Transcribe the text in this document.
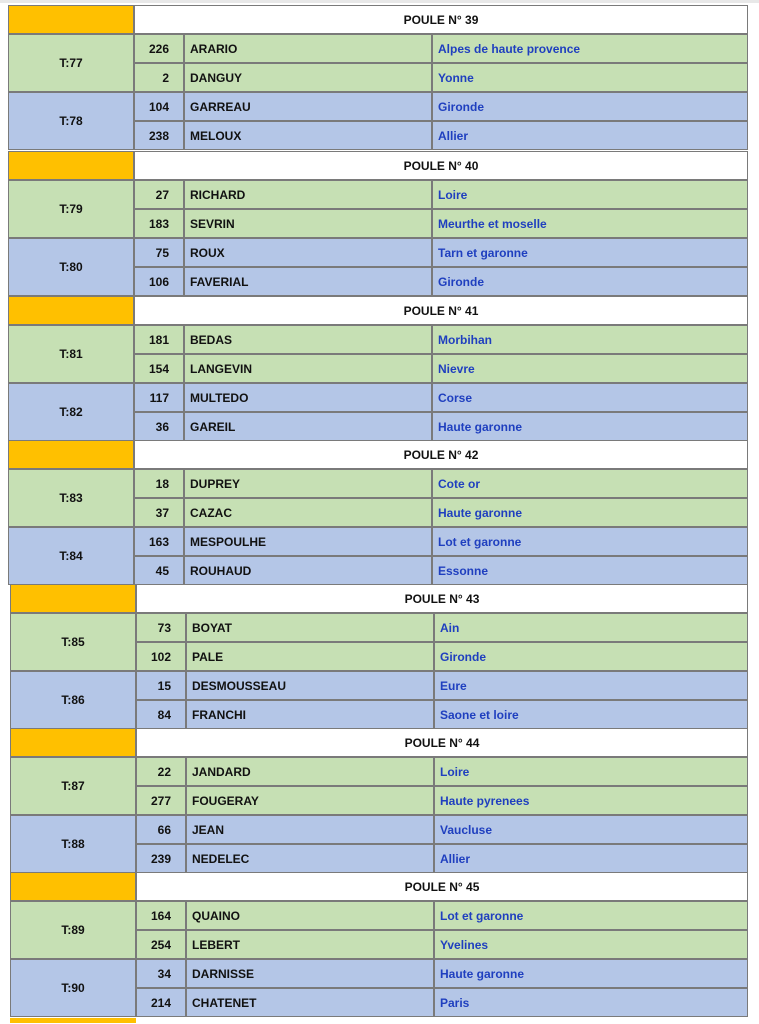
POULE N° 39
T:77
226	ARARIO	Alpes de haute provence
2	DANGUY	Yonne
T:78
104	GARREAU	Gironde
238	MELOUX	Allier
POULE N° 40
T:79
27	RICHARD	Loire
183	SEVRIN	Meurthe et moselle
T:80
75	ROUX	Tarn et garonne
106	FAVERIAL	Gironde
POULE N° 41
T:81
181	BEDAS	Morbihan
154	LANGEVIN	Nievre
T:82
117	MULTEDO	Corse
36	GAREIL	Haute garonne
POULE N° 42
T:83
18	DUPREY	Cote or
37	CAZAC	Haute garonne
T:84
163	MESPOULHE	Lot et garonne
45	ROUHAUD	Essonne
POULE N° 43
T:85
73	BOYAT	Ain
102	PALE	Gironde
T:86
15	DESMOUSSEAU	Eure
84	FRANCHI	Saone et loire
POULE N° 44
T:87
22	JANDARD	Loire
277	FOUGERAY	Haute pyrenees
T:88
66	JEAN	Vaucluse
239	NEDELEC	Allier
POULE N° 45
T:89
164	QUAINO	Lot et garonne
254	LEBERT	Yvelines
T:90
34	DARNISSE	Haute garonne
214	CHATENET	Paris
